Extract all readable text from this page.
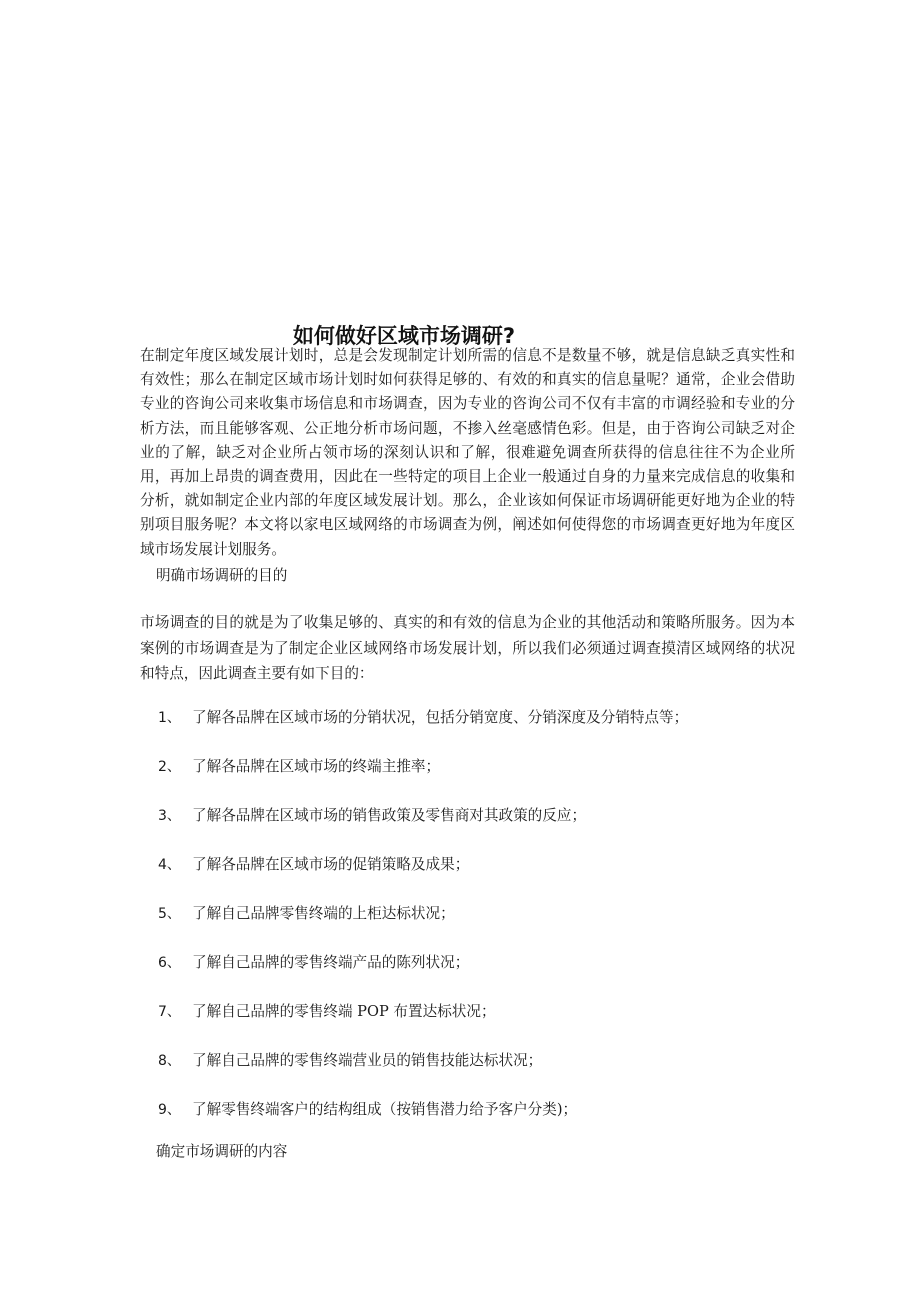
如何做好区域市场调研?

在制定年度区域发展计划时，总是会发现制定计划所需的信息不是数量不够，就是信息缺乏真实性和有效性；那么在制定区域市场计划时如何获得足够的、有效的和真实的信息量呢？通常，企业会借助专业的咨询公司来收集市场信息和市场调查，因为专业的咨询公司不仅有丰富的市调经验和专业的分析方法，而且能够客观、公正地分析市场问题，不掺入丝毫感情色彩。但是，由于咨询公司缺乏对企业的了解，缺乏对企业所占领市场的深刻认识和了解，很难避免调查所获得的信息往往不为企业所用，再加上昂贵的调查费用，因此在一些特定的项目上企业一般通过自身的力量来完成信息的收集和分析，就如制定企业内部的年度区域发展计划。那么，企业该如何保证市场调研能更好地为企业的特别项目服务呢？本文将以家电区域网络的市场调查为例，阐述如何使得您的市场调查更好地为年度区域市场发展计划服务。

明确市场调研的目的

市场调查的目的就是为了收集足够的、真实的和有效的信息为企业的其他活动和策略所服务。因为本案例的市场调查是为了制定企业区域网络市场发展计划，所以我们必须通过调查摸清区域网络的状况和特点，因此调查主要有如下目的：

1、 了解各品牌在区域市场的分销状况，包括分销宽度、分销深度及分销特点等；
2、 了解各品牌在区域市场的终端主推率；
3、 了解各品牌在区域市场的销售政策及零售商对其政策的反应；
4、 了解各品牌在区域市场的促销策略及成果；
5、 了解自己品牌零售终端的上柜达标状况；
6、 了解自己品牌的零售终端产品的陈列状况；
7、 了解自己品牌的零售终端 POP 布置达标状况；
8、 了解自己品牌的零售终端营业员的销售技能达标状况；
9、 了解零售终端客户的结构组成（按销售潜力给予客户分类)；

确定市场调研的内容
